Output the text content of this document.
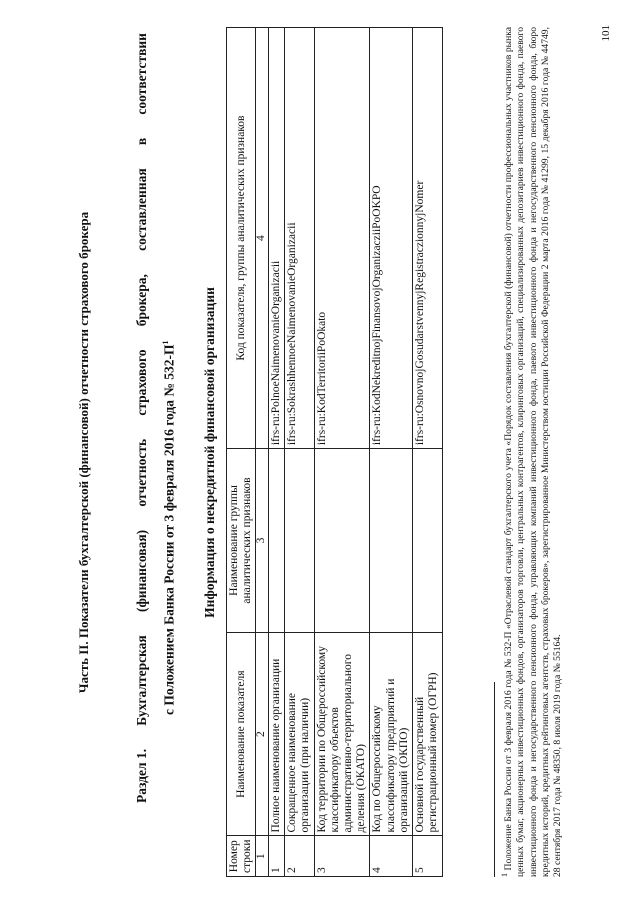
Часть II. Показатели бухгалтерской (финансовой) отчетности страхового брокера
Раздел 1.
Бухгалтерская
(финансовая)
отчетность
страхового
брокера,
составленная
в
соответствии
с Положением Банка России от 3 февраля 2016 года № $532-П^1$	Информация о некредитной финансовой организации
Номер строки	Наименование показателя	Наименование группы аналитических признаков	Код показателя, группы аналитических признаков
1	2	3	4
1	Полное наименование организации		ifrs-ru:PolnoeNaimenovanieOrganizacii
2	Сокращенное наименование организации (при наличии)		ifrs-ru:SokrashhennoeNaimenovanieOrganizacii
3	Код территории по Общероссийскому классификатору объектов административно-территориального деления (ОКАТО)		ifrs-ru:KodTerritoriiPoOkato
4	Код по Общероссийскому классификатору предприятий и организаций (ОКПО)		ifrs-ru:KodNekreditnojFinansovojOrganizacziiPoOKPO
5	Основной государственный регистрационный номер (ОГРН)		ifrs-ru:OsnovnojGosudarstvennyjRegistraczionnyjNomer
$^1$ Положение Банка России от 3 февраля 2016 года № 532-П «Отраслевой стандарт бухгалтерского учета «Порядок составления бухгалтерской (финансовой) отчетности профессиональных участников рынка ценных бумаг, акционерных инвестиционных фондов, организаторов торговли, центральных контрагентов, клиринговых организаций, специализированных депозитариев инвестиционного фонда, паевого инвестиционного фонда и негосударственного пенсионного фонда, управляющих компаний инвестиционного фонда, паевого инвестиционного фонда и негосударственного пенсионного фонда, бюро кредитных историй, кредитных рейтинговых агентств, страховых брокеров», зарегистрированное Министерством юстиции Российской Федерации 2 марта 2016 года № 41299, 15 декабря 2016 года № 44749, 28 сентября 2017 года № 48350, 8 июля 2019 года № 55164.
101
